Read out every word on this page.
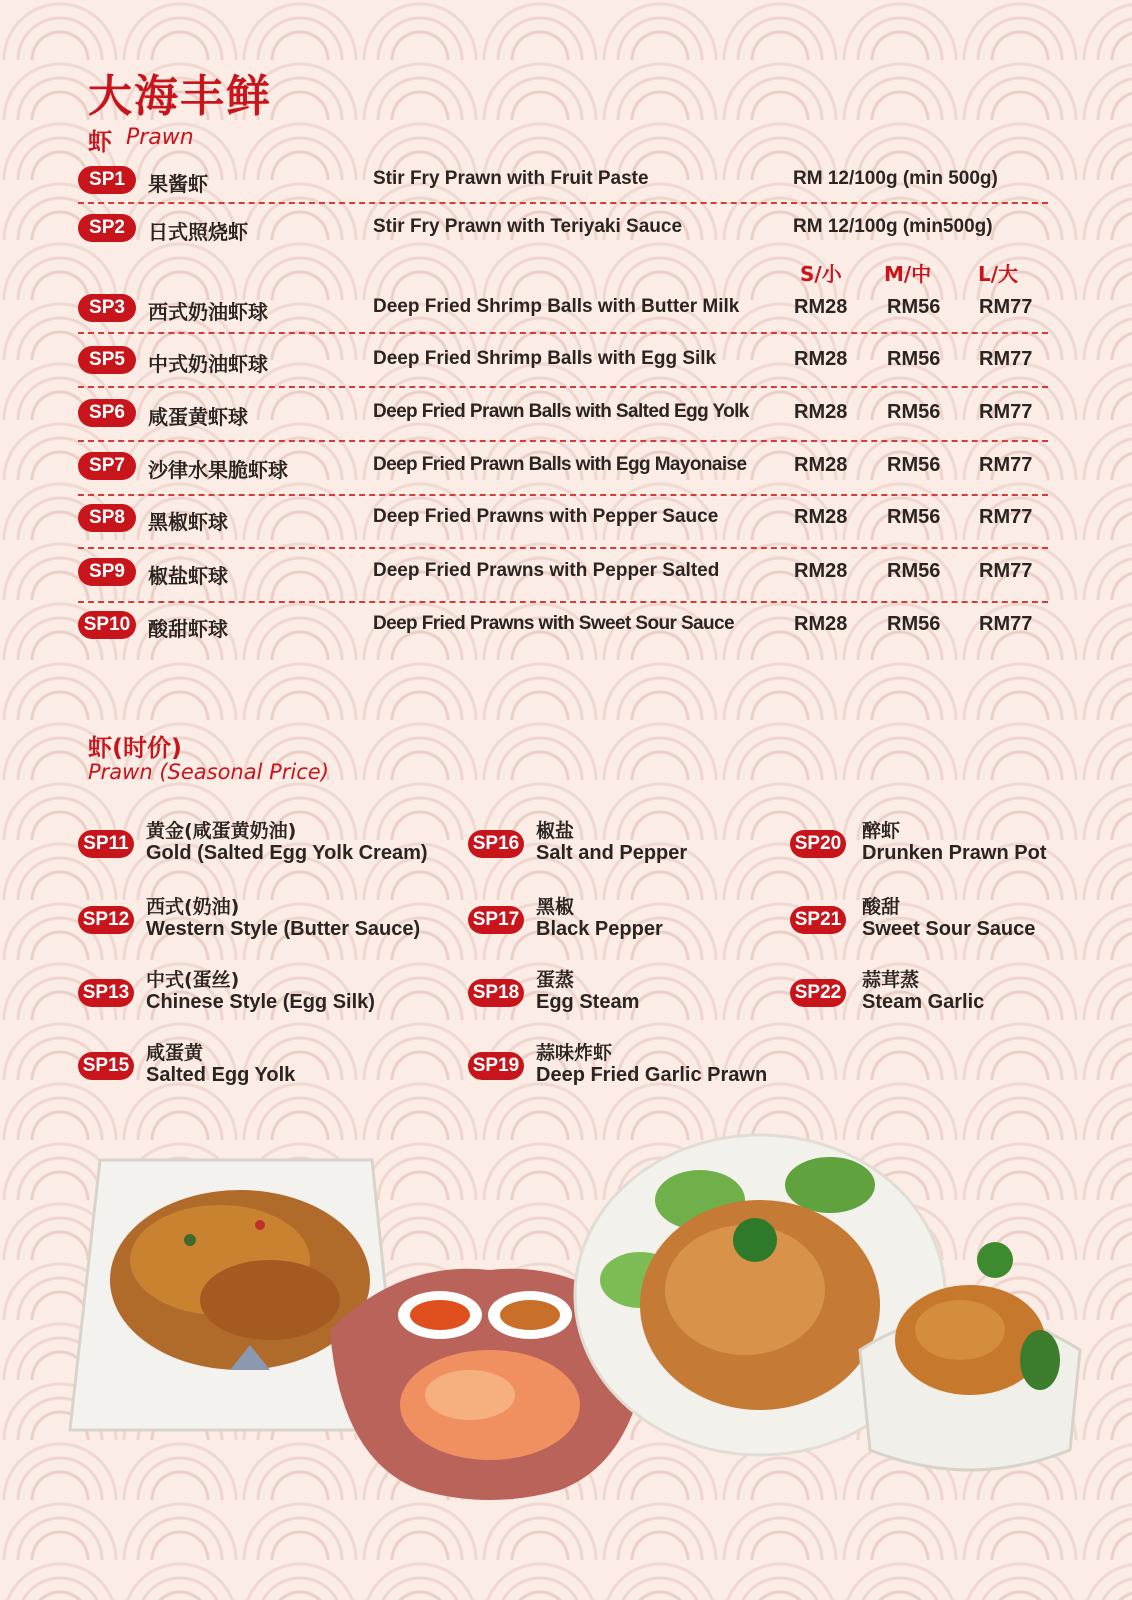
大海丰鲜
虾 Prawn
SP1	果酱虾	Stir Fry Prawn with Fruit Paste	RM 12/100g (min 500g)
SP2	日式照烧虾	Stir Fry Prawn with Teriyaki Sauce	RM 12/100g (min500g)
S/小 M/中 L/大
SP3	西式奶油虾球	Deep Fried Shrimp Balls with Butter Milk	RM28 RM56 RM77
SP5	中式奶油虾球	Deep Fried Shrimp Balls with Egg Silk	RM28 RM56 RM77
SP6	咸蛋黄虾球	Deep Fried Prawn Balls with Salted Egg Yolk RM28 RM56 RM77
SP7	沙律水果脆虾球	Deep Fried Prawn Balls with Egg Mayonaise RM28 RM56 RM77
SP8	黑椒虾球	Deep Fried Prawns with Pepper Sauce	RM28 RM56 RM77
SP9	椒盐虾球	Deep Fried Prawns with Pepper Salted	RM28 RM56 RM77
SP10 酸甜虾球	Deep Fried Prawns with Sweet Sour Sauce	RM28 RM56 RM77
虾(时价)
Prawn (Seasonal Price)
SP11
黄金(咸蛋黄奶油)
Gold (Salted Egg Yolk Cream)
SP12
西式(奶油)
Western Style (Butter Sauce)
SP13
中式(蛋丝)
Chinese Style (Egg Silk)
SP15
咸蛋黄
Salted Egg Yolk
SP16
椒盐
Salt and Pepper
SP17
黑椒
Black Pepper
SP18
蛋蒸
Egg Steam
SP19
蒜味炸虾
Deep Fried Garlic Prawn
SP20
醉虾
Drunken Prawn Pot
SP21
酸甜
Sweet Sour Sauce
SP22
蒜茸蒸
Steam Garlic
